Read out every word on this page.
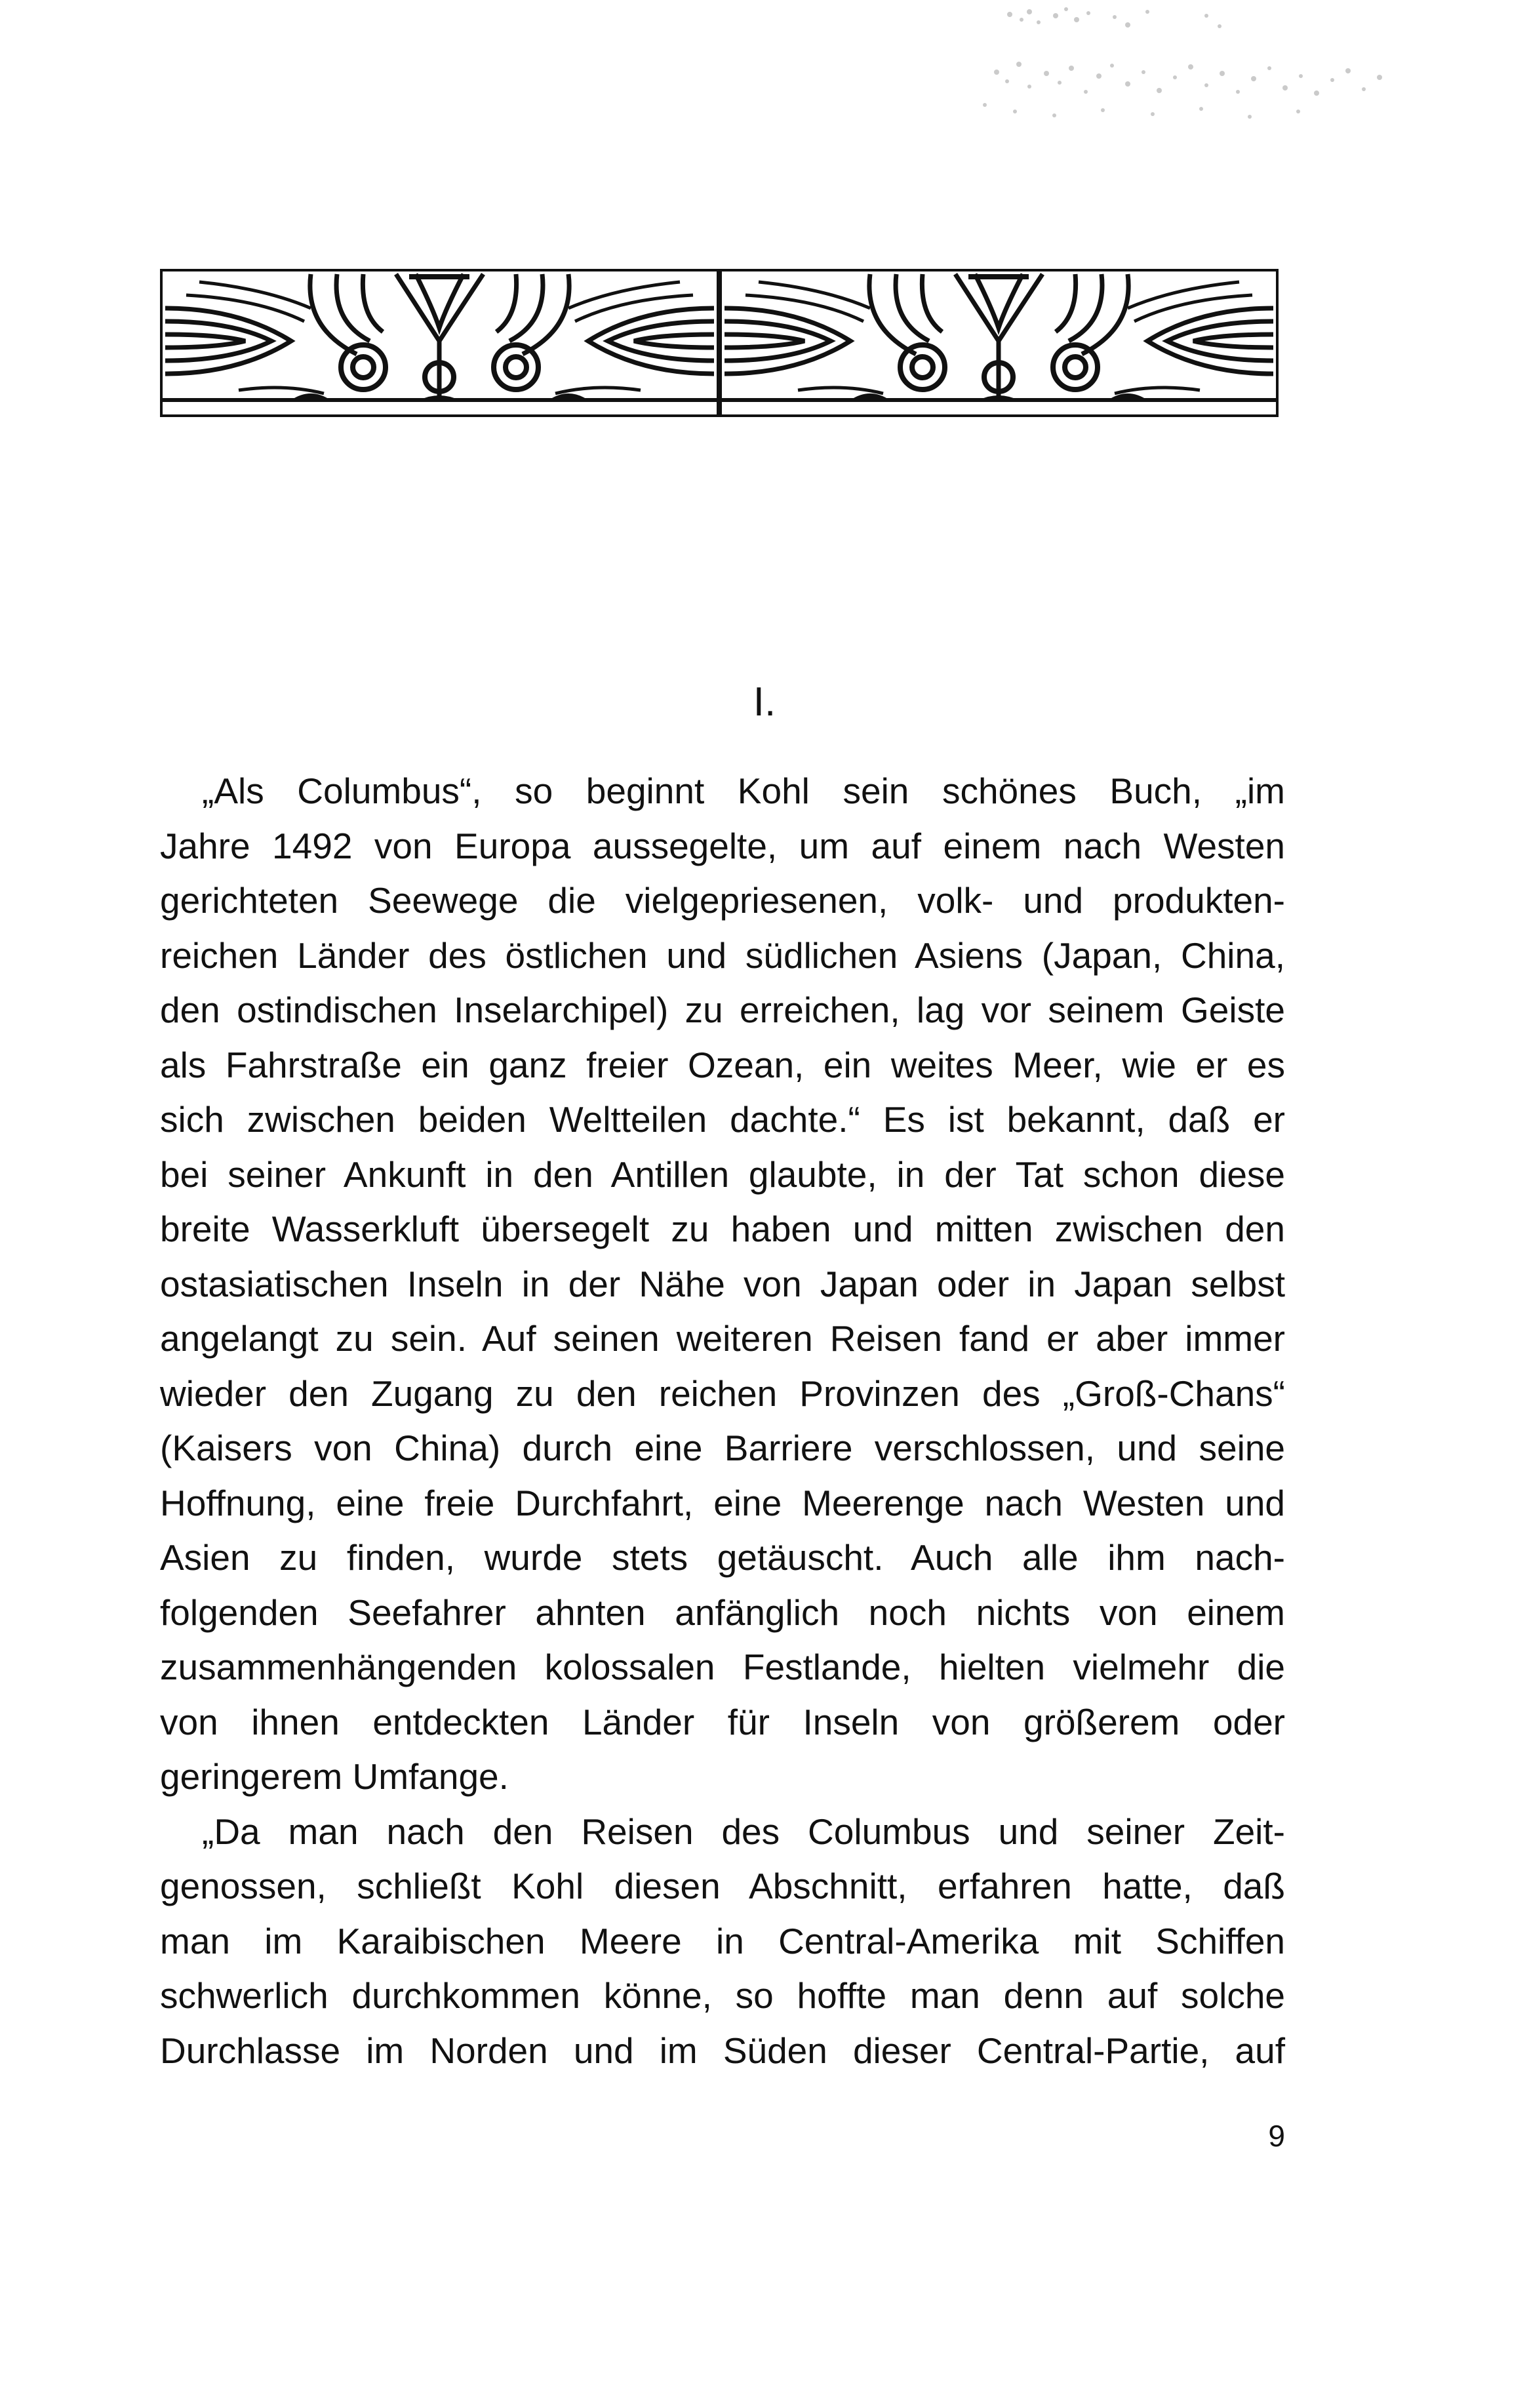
I.
„Als Columbus“, so beginnt Kohl sein schönes Buch, „im
Jahre 1492 von Europa aussegelte, um auf einem nach Westen
gerichteten Seewege die vielgepriesenen, volk- und produkten-
reichen Länder des östlichen und südlichen Asiens (Japan, China,
den ostindischen Inselarchipel) zu erreichen, lag vor seinem Geiste
als Fahrstraße ein ganz freier Ozean, ein weites Meer, wie er es
sich zwischen beiden Weltteilen dachte.“ Es ist bekannt, daß er
bei seiner Ankunft in den Antillen glaubte, in der Tat schon diese
breite Wasserkluft übersegelt zu haben und mitten zwischen den
ostasiatischen Inseln in der Nähe von Japan oder in Japan selbst
angelangt zu sein. Auf seinen weiteren Reisen fand er aber immer
wieder den Zugang zu den reichen Provinzen des „Groß-Chans“
(Kaisers von China) durch eine Barriere verschlossen, und seine
Hoffnung, eine freie Durchfahrt, eine Meerenge nach Westen und
Asien zu finden, wurde stets getäuscht. Auch alle ihm nach-
folgenden Seefahrer ahnten anfänglich noch nichts von einem
zusammenhängenden kolossalen Festlande, hielten vielmehr die
von ihnen entdeckten Länder für Inseln von größerem oder
geringerem Umfange.
„Da man nach den Reisen des Columbus und seiner Zeit-
genossen, schließt Kohl diesen Abschnitt, erfahren hatte, daß
man im Karaibischen Meere in Central-Amerika mit Schiffen
schwerlich durchkommen könne, so hoffte man denn auf solche
Durchlasse im Norden und im Süden dieser Central-Partie, auf
9
